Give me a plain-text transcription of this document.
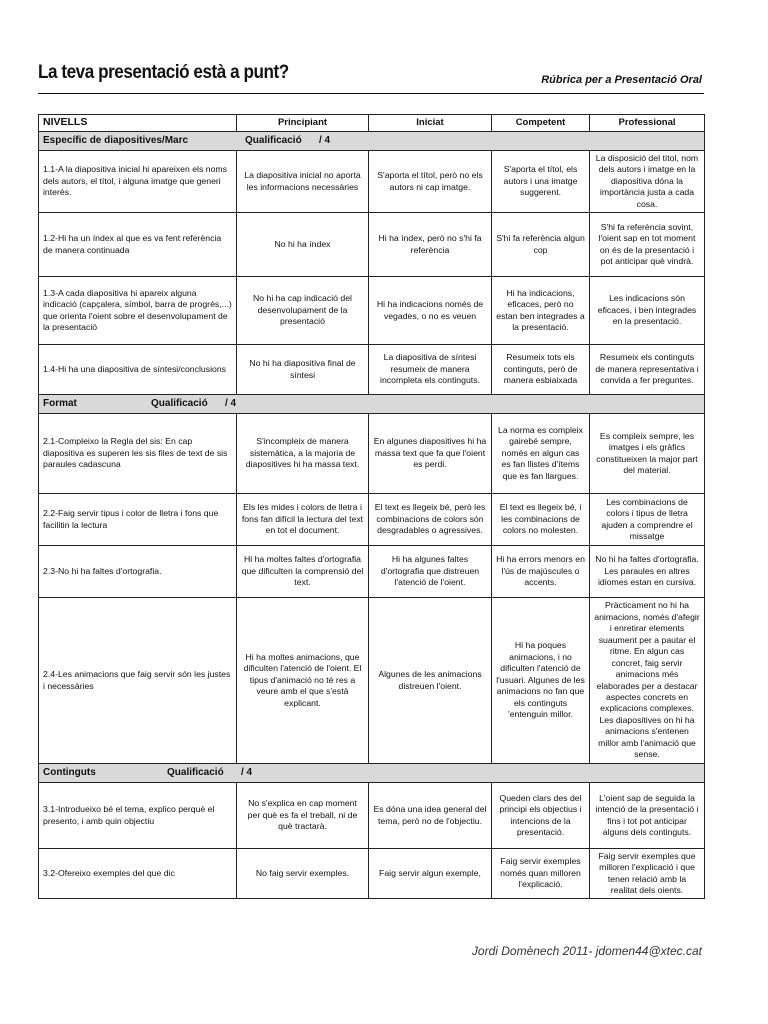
La teva presentació està a punt?	Rúbrica per a Presentació Oral
NIVELLS	Principiant	Iniciat	Competent	Professional

Específic de diapositives/Marc Qualificació / 4				

1.1-A la diapositiva inicial hi apareixen els noms dels autors, el títol, i alguna imatge que generi interès.	La diapositiva inicial no aporta les informacions necessàries	S'aporta el títol, però no els autors ni cap imatge.	S'aporta el títol, els autors i una imatge suggerent.	La disposició del títol, nom dels autors i imatge en la diapositiva dóna la importància justa a cada cosa.
1.2-Hi ha un índex al que es va fent referència de manera continuada	No hi ha índex	Hi ha índex, però no s'hi fa referència	S'hi fa referència algun cop	S'hi fa referència sovint, l'oient sap en tot moment on és de la presentació i pot anticipar què vindrà.
1.3-A cada diapositiva hi apareix alguna indicació (capçalera, símbol, barra de progrés,...) que orienta l'oient sobre el desenvolupament de la presentació	No hi ha cap indicació del desenvolupament de la presentació	Hi ha indicacions només de vegades, o no es veuen	Hi ha indicacions, eficaces, però no estan ben integrades a la presentació.	Les indicacions són eficaces, i ben integrades en la presentació.
1.4-Hi ha una diapositiva de síntesi/conclusions	No hi ha diapositiva final de síntesi	La diapositiva de síntesi resumeix de manera incompleta els continguts.	Resumeix tots els continguts, però de manera esbiaixada	Resumeix els continguts de manera representativa i convida a fer preguntes.

Format Qualificació / 4				

2.1-Compleixo la Regla del sis: En cap diapositiva es superen les sis files de text de sis paraules cadascuna	S'incompleix de manera sistemàtica, a la majoria de diapositives hi ha massa text.	En algunes diapositives hi ha massa text que fa que l'oient es perdi.	La norma es compleix gairebé sempre, només en algun cas es fan llistes d'ítems que es fan llargues.	Es compleix sempre, les imatges i els gràfics constitueixen la major part del material.
2.2-Faig servir tipus i color de lletra i fons que facilitin la lectura	Els les mides i colors de lletra i fons fan difícil la lectura del text en tot el document.	El text es llegeix bé, però les combinacions de colors són desgradables o agressives.	El text es llegeix bé, i les combinacions de colors no molesten.	Les combinacions de colors i tipus de lletra ajuden a comprendre el missatge
2.3-No hi ha faltes d'ortografia.	Hi ha moltes faltes d'ortografia que dificulten la comprensió del text.	Hi ha algunes faltes d'ortografia que distreuen l'atenció de l'oient.	Hi ha errors menors en l'ús de majúscules o accents.	No hi ha faltes d'ortografia. Les paraules en altres idiomes estan en cursiva.
2.4-Les animacions que faig servir són les justes i necessàries	Hi ha moltes animacions, que dificulten l'atenció de l'oient. El tipus d'animació no té res a veure amb el que s'està explicant.	Algunes de les animacions distreuen l'oient.	Hi ha poques animacions, i no dificulten l'atenció de l'usuari. Algunes de les animacions no fan que els continguts 'entenguin millor.	Pràcticament no hi ha animacions, només d'afegir i enretirar elements suaument per a pautar el ritme. En algun cas concret, faig servir animacions més elaborades per a destacar aspectes concrets en explicacions complexes. Les diapositives on hi ha animacions s'entenen millor amb l'animació que sense.

Continguts Qualificació / 4				

3.1-Introdueixo bé el tema, explico perquè el presento, i amb quin objectiu	No s'explica en cap moment per què es fa el treball, ni de què tractarà.	Es dóna una idea general del tema, però no de l'objectiu.	Queden clars des del principi els objectius i intencions de la presentació.	L'oient sap de seguida la intenció de la presentació i fins i tot pot anticipar alguns dels continguts.
3.2-Ofereixo exemples del que dic	No faig servir exemples.	Faig servir algun exemple,	Faig servir exemples només quan milloren l'explicació.	Faig servir exemples que milloren l'explicació i que tenen relació amb la realitat dels oients.
Jordi Domènech 2011- jdomen44@xtec.cat
